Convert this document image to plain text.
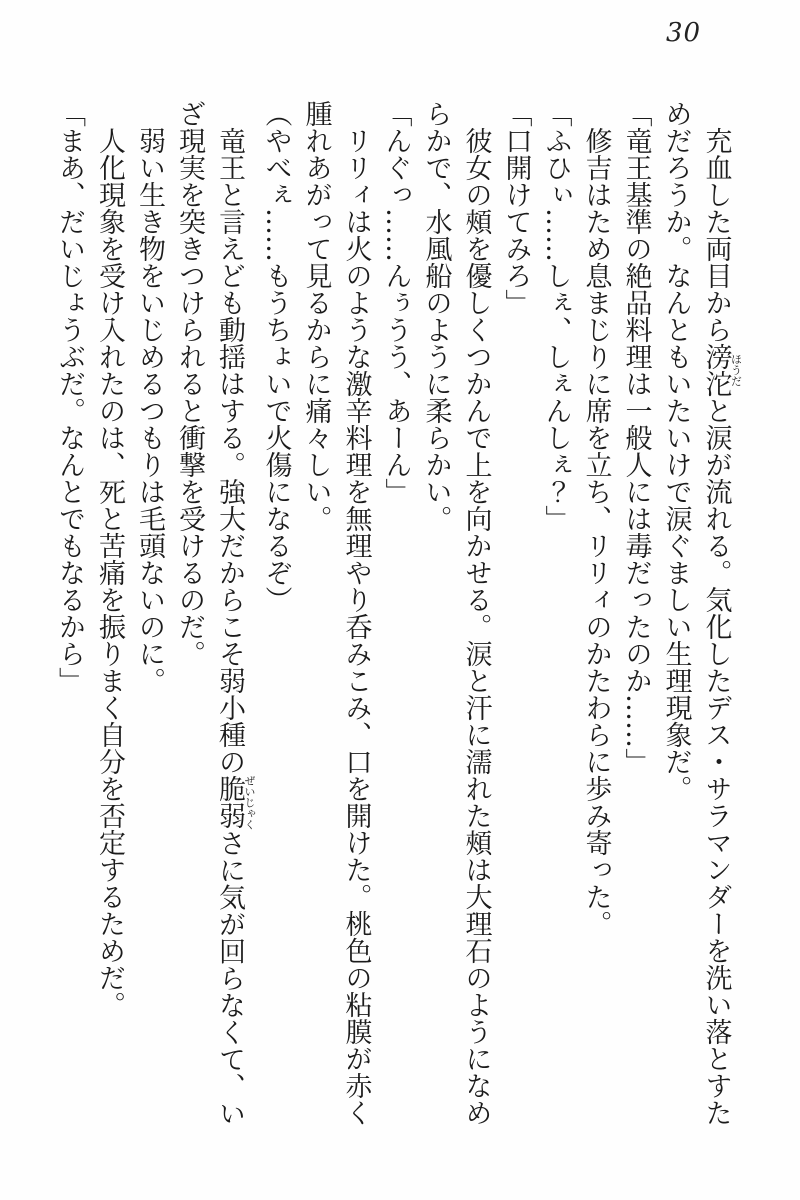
30

充血した両目から滂沱ほうだと涙が流れる。気化したデス・サラマンダーを洗い落とすためだろうか。なんともいたいけで涙ぐましい生理現象だ。

「竜王基準の絶品料理は一般人には毒だったのか……」

修吉はため息まじりに席を立ち、リリィのかたわらに歩み寄った。

「ふひぃ……しぇ、しぇんしぇ？」

「口開けてみろ」

彼女の頰を優しくつかんで上を向かせる。涙と汗に濡れた頰は大理石のようになめらかで、水風船のように柔らかい。

「んぐっ……んぅうう、あーん」

リリィは火のような激辛料理を無理やり呑みこみ、口を開けた。桃色の粘膜が赤く腫れあがって見るからに痛々しい。

（やべぇ……もうちょいで火傷になるぞ）

竜王と言えども動揺はする。強大だからこそ弱小種の脆弱ぜいじゃくさに気が回らなくて、いざ現実を突きつけられると衝撃を受けるのだ。

弱い生き物をいじめるつもりは毛頭ないのに。

人化現象を受け入れたのは、死と苦痛を振りまく自分を否定するためだ。

「まあ、だいじょうぶだ。なんとでもなるから」
